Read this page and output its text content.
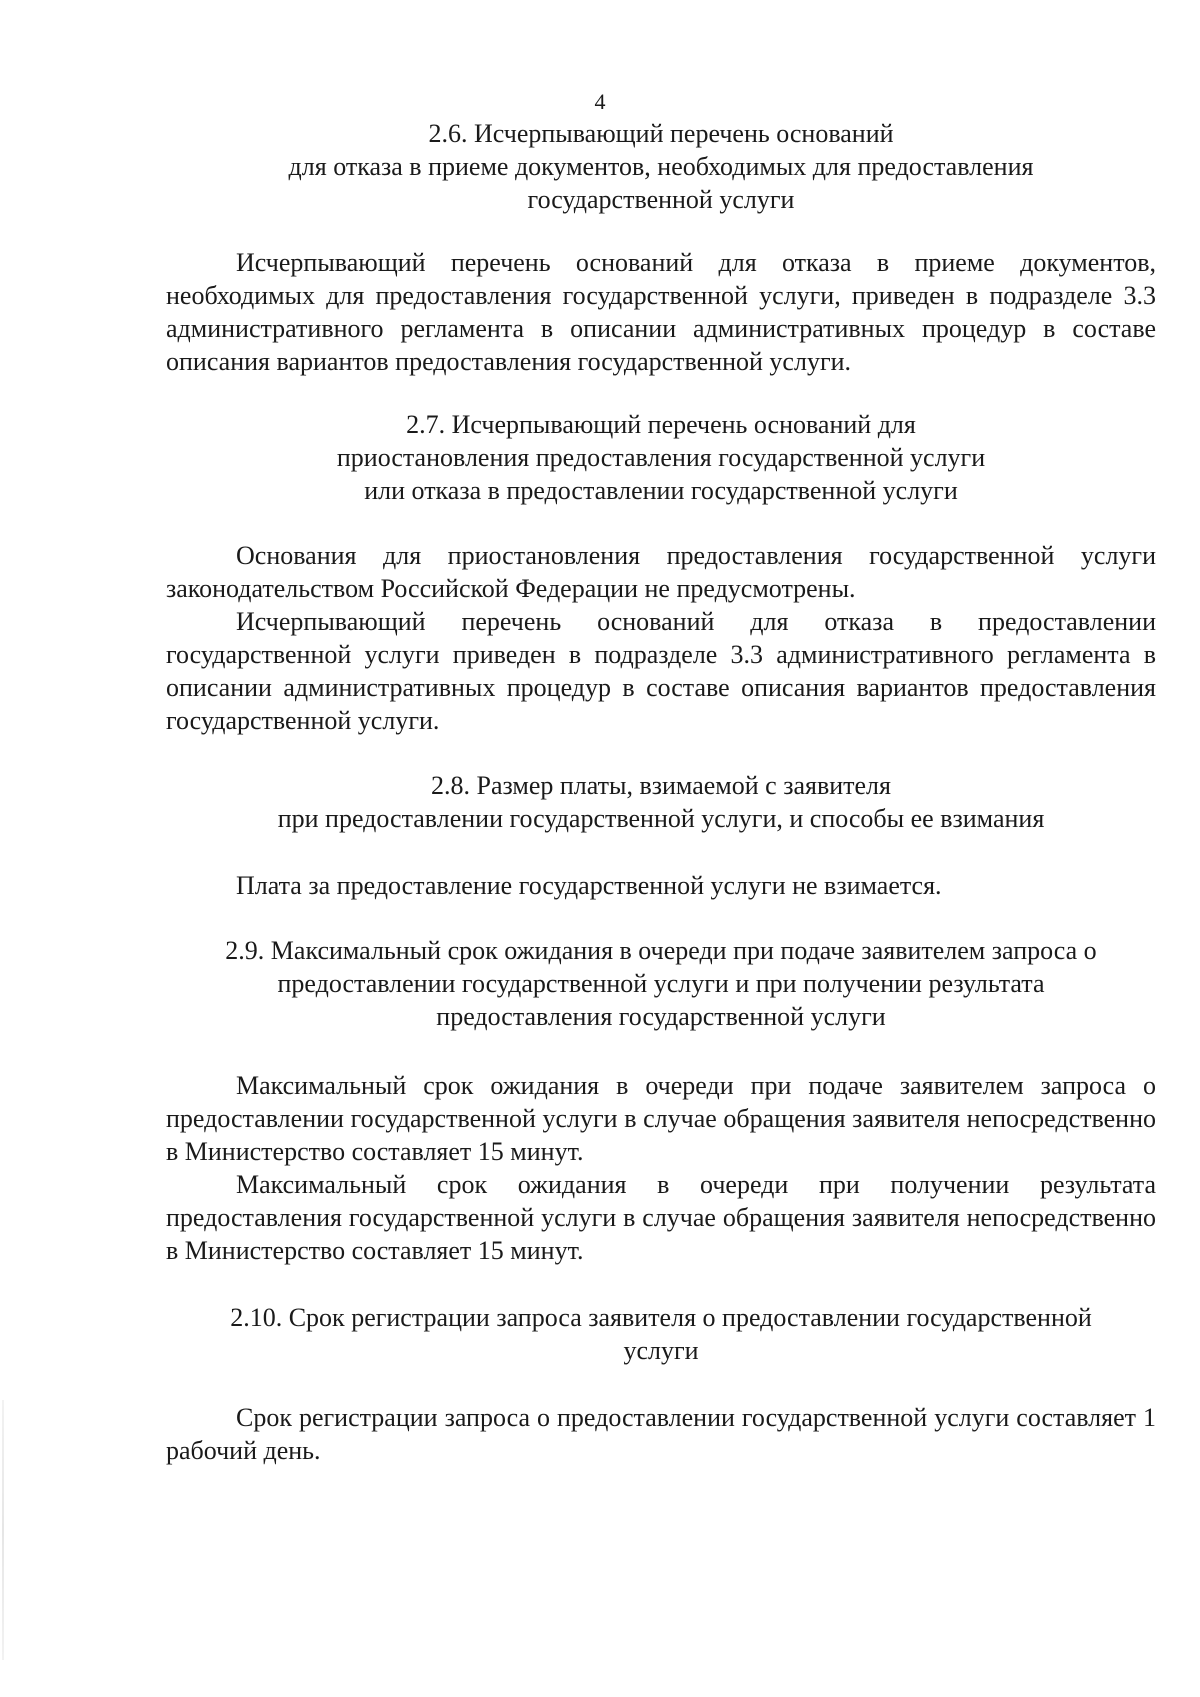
4
2.6. Исчерпывающий перечень оснований
для отказа в приеме документов, необходимых для предоставления
государственной услуги

Исчерпывающий перечень оснований для отказа в приеме документов, необходимых для предоставления государственной услуги, приведен в подразделе 3.3 административного регламента в описании административных процедур в составе описания вариантов предоставления государственной услуги.

2.7. Исчерпывающий перечень оснований для
приостановления предоставления государственной услуги
или отказа в предоставлении государственной услуги

Основания для приостановления предоставления государственной услуги законодательством Российской Федерации не предусмотрены.

Исчерпывающий перечень оснований для отказа в предоставлении государственной услуги приведен в подразделе 3.3 административного регламента в описании административных процедур в составе описания вариантов предоставления государственной услуги.

2.8. Размер платы, взимаемой с заявителя
при предоставлении государственной услуги, и способы ее взимания

Плата за предоставление государственной услуги не взимается.

2.9. Максимальный срок ожидания в очереди при подаче заявителем запроса о
предоставлении государственной услуги и при получении результата
предоставления государственной услуги

Максимальный срок ожидания в очереди при подаче заявителем запроса о предоставлении государственной услуги в случае обращения заявителя непосредственно в Министерство составляет 15 минут.

Максимальный срок ожидания в очереди при получении результата предоставления государственной услуги в случае обращения заявителя непосредственно в Министерство составляет 15 минут.

2.10. Срок регистрации запроса заявителя о предоставлении государственной
услуги

Срок регистрации запроса о предоставлении государственной услуги составляет 1 рабочий день.
